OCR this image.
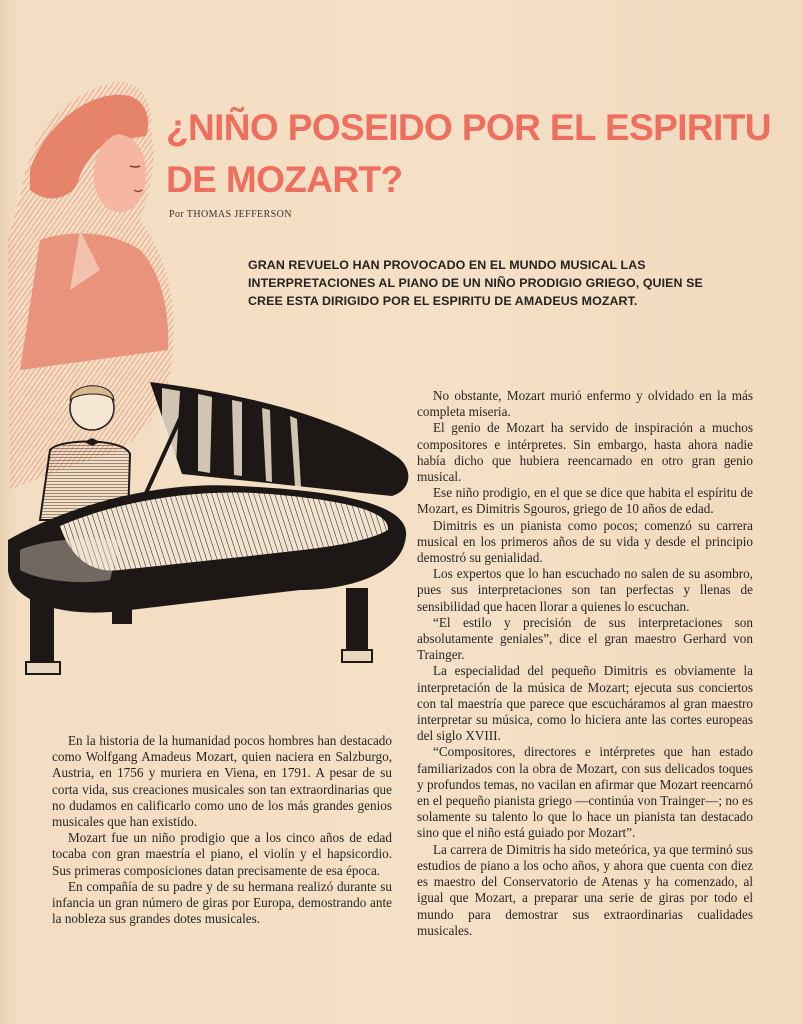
¿NIÑO POSEIDO POR EL ESPIRITU DE MOZART?
Por THOMAS JEFFERSON

GRAN REVUELO HAN PROVOCADO EN EL MUNDO MUSICAL LAS INTERPRETACIONES AL PIANO DE UN NIÑO PRODIGIO GRIEGO, QUIEN SE CREE ESTA DIRIGIDO POR EL ESPIRITU DE AMADEUS MOZART.

En la historia de la humanidad pocos hombres han destacado como Wolfgang Amadeus Mozart, quien naciera en Salzburgo, Austria, en 1756 y muriera en Viena, en 1791. A pesar de su corta vida, sus creaciones musicales son tan extraordinarias que no dudamos en calificarlo como uno de los más grandes genios musicales que han existido.

Mozart fue un niño prodigio que a los cinco años de edad tocaba con gran maestría el piano, el violín y el hapsicordio. Sus primeras composiciones datan precisamente de esa época.

En compañía de su padre y de su hermana realizó durante su infancia un gran número de giras por Europa, demostrando ante la nobleza sus grandes dotes musicales.

No obstante, Mozart murió enfermo y olvidado en la más completa miseria.

El genio de Mozart ha servido de inspiración a muchos compositores e intérpretes. Sin embargo, hasta ahora nadie había dicho que hubiera reencarnado en otro gran genio musical.

Ese niño prodigio, en el que se dice que habita el espíritu de Mozart, es Dimitris Sgouros, griego de 10 años de edad.

Dimitris es un pianista como pocos; comenzó su carrera musical en los primeros años de su vida y desde el principio demostró su genialidad.

Los expertos que lo han escuchado no salen de su asombro, pues sus interpretaciones son tan perfectas y llenas de sensibilidad que hacen llorar a quienes lo escuchan.

“El estilo y precisión de sus interpretaciones son absolutamente geniales”, dice el gran maestro Gerhard von Trainger.

La especialidad del pequeño Dimitris es obviamente la interpretación de la música de Mozart; ejecuta sus conciertos con tal maestría que parece que escucháramos al gran maestro interpretar su música, como lo hiciera ante las cortes europeas del siglo XVIII.

“Compositores, directores e intérpretes que han estado familiarizados con la obra de Mozart, con sus delicados toques y profundos temas, no vacilan en afirmar que Mozart reencarnó en el pequeño pianista griego —continúa von Trainger—; no es solamente su talento lo que lo hace un pianista tan destacado sino que el niño está guiado por Mozart”.

La carrera de Dimitris ha sido meteórica, ya que terminó sus estudios de piano a los ocho años, y ahora que cuenta con diez es maestro del Conservatorio de Atenas y ha comenzado, al igual que Mozart, a preparar una serie de giras por todo el mundo para demostrar sus extraordinarias cualidades musicales.
